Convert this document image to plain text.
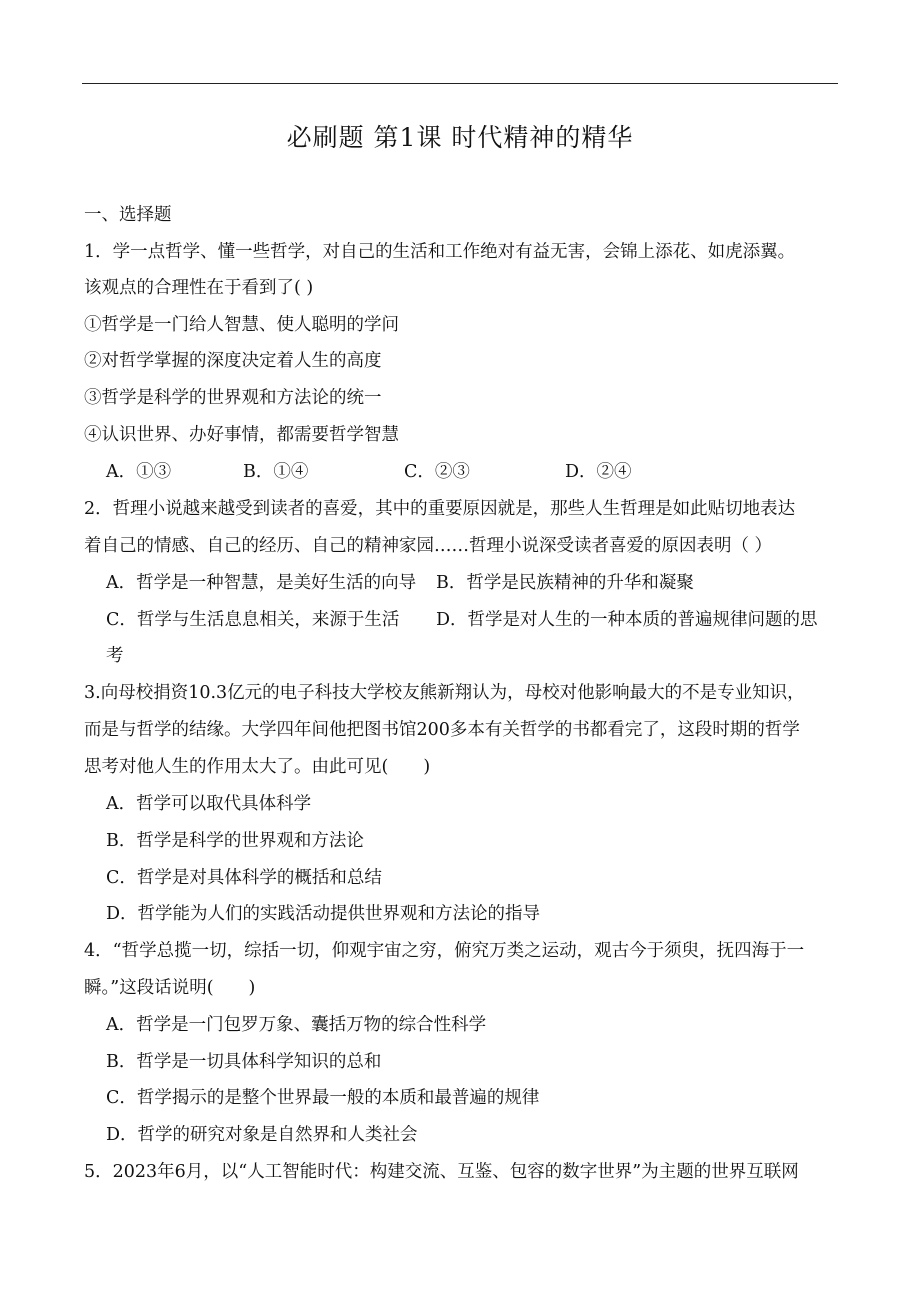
必刷题 第1课 时代精神的精华
一、选择题
1．学一点哲学、懂一些哲学，对自己的生活和工作绝对有益无害，会锦上添花、如虎添翼。
该观点的合理性在于看到了( )
①哲学是一门给人智慧、使人聪明的学问
②对哲学掌握的深度决定着人生的高度
③哲学是科学的世界观和方法论的统一
④认识世界、办好事情，都需要哲学智慧
A．①③	B．①④	C．②③	D．②④
2．哲理小说越来越受到读者的喜爱，其中的重要原因就是，那些人生哲理是如此贴切地表达
着自己的情感、自己的经历、自己的精神家园……哲理小说深受读者喜爱的原因表明（ ）
A．哲学是一种智慧，是美好生活的向导 B．哲学是民族精神的升华和凝聚
C．哲学与生活息息相关，来源于生活 D．哲学是对人生的一种本质的普遍规律问题的思
考
3.向母校捐资10.3亿元的电子科技大学校友熊新翔认为，母校对他影响最大的不是专业知识，
而是与哲学的结缘。大学四年间他把图书馆200多本有关哲学的书都看完了，这段时期的哲学
思考对他人生的作用太大了。由此可见(　　)
A．哲学可以取代具体科学
B．哲学是科学的世界观和方法论
C．哲学是对具体科学的概括和总结
D．哲学能为人们的实践活动提供世界观和方法论的指导
4．“哲学总揽一切，综括一切，仰观宇宙之穷，俯究万类之运动，观古今于须臾，抚四海于一
瞬。”这段话说明(　　)
A．哲学是一门包罗万象、囊括万物的综合性科学
B．哲学是一切具体科学知识的总和
C．哲学揭示的是整个世界最一般的本质和最普遍的规律
D．哲学的研究对象是自然界和人类社会
5．2023年6月，以“人工智能时代：构建交流、互鉴、包容的数字世界”为主题的世界互联网
